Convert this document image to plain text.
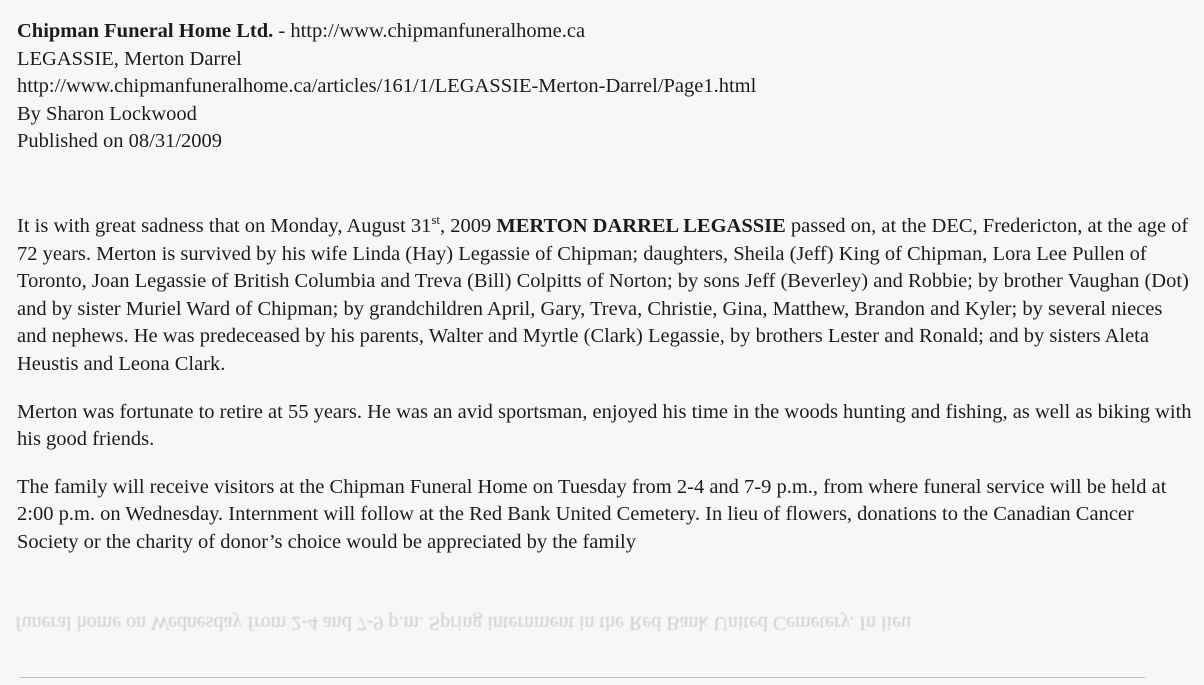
Chipman Funeral Home Ltd. - http://www.chipmanfuneralhome.ca
LEGASSIE, Merton Darrel
http://www.chipmanfuneralhome.ca/articles/161/1/LEGASSIE-Merton-Darrel/Page1.html
By Sharon Lockwood
Published on 08/31/2009

It is with great sadness that on Monday, August 31st, 2009 MERTON DARREL LEGASSIE passed on, at the DEC, Fredericton, at the age of 72 years. Merton is survived by his wife Linda (Hay) Legassie of Chipman; daughters, Sheila (Jeff) King of Chipman, Lora Lee Pullen of Toronto, Joan Legassie of British Columbia and Treva (Bill) Colpitts of Norton; by sons Jeff (Beverley) and Robbie; by brother Vaughan (Dot) and by sister Muriel Ward of Chipman; by grandchildren April, Gary, Treva, Christie, Gina, Matthew, Brandon and Kyler; by several nieces and nephews. He was predeceased by his parents, Walter and Myrtle (Clark) Legassie, by brothers Lester and Ronald; and by sisters Aleta Heustis and Leona Clark.

Merton was fortunate to retire at 55 years. He was an avid sportsman, enjoyed his time in the woods hunting and fishing, as well as biking with his good friends.

The family will receive visitors at the Chipman Funeral Home on Tuesday from 2-4 and 7-9 p.m., from where funeral service will be held at 2:00 p.m. on Wednesday. Internment will follow at the Red Bank United Cemetery. In lieu of flowers, donations to the Canadian Cancer Society or the charity of donor’s choice would be appreciated by the family

funeral home on Wednesday from 2-4 and 7-9 p.m. Spring internment in the Red Bank United Cemetery. In lieu
